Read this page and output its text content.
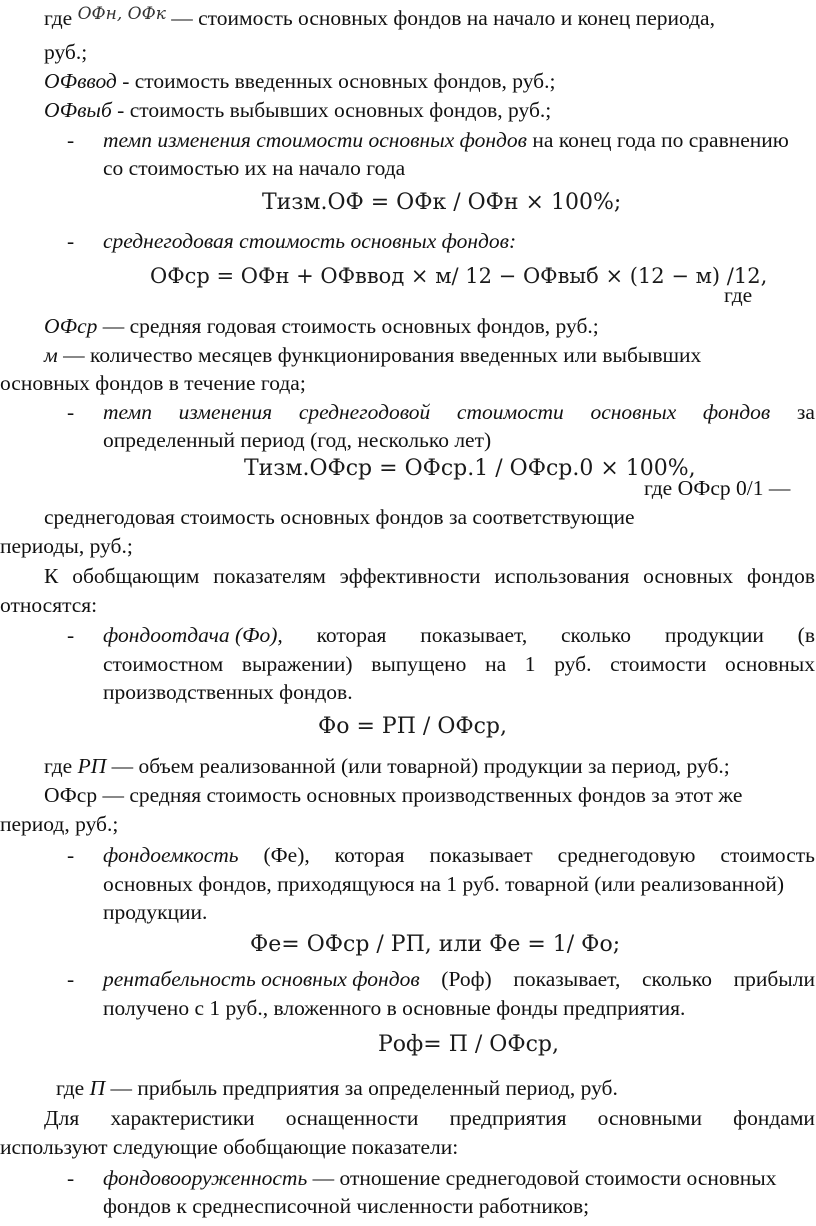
где $^{ОФн, ОФк}$ — стоимость основных фондов на начало и конец периода,
руб.;
ОФввод - стоимость введенных основных фондов, руб.;
ОФвыб - стоимость выбывших основных фондов, руб.;
- темп изменения стоимости основных фондов на конец года по сравнению
со стоимостью их на начало года
Tизм.ОФ = ОФк / ОФн × 100%;
- среднегодовая стоимость основных фондов:
ОФср = ОФн + ОФввод × м/ 12 − ОФвыб × (12 − м) /12,
где
ОФср — средняя годовая стоимость основных фондов, руб.;
м — количество месяцев функционирования введенных или выбывших
основных фондов в течение года;
- темп изменения среднегодовой стоимости основных фондов за
определенный период (год, несколько лет)
Tизм.ОФср = ОФср.1 / ОФср.0 × 100%,
где ОФср 0/1 —
среднегодовая стоимость основных фондов за соответствующие
периоды, руб.;
К обобщающим показателям эффективности использования основных фондов
относятся:
- фондоотдача (Фо), которая показывает, сколько продукции (в
стоимостном выражении) выпущено на 1 руб. стоимости основных
производственных фондов.
Фо = РП / ОФср,
где РП — объем реализованной (или товарной) продукции за период, руб.;
ОФср — средняя стоимость основных производственных фондов за этот же
период, руб.;
- фондоемкость (Фе), которая показывает среднегодовую стоимость
основных фондов, приходящуюся на 1 руб. товарной (или реализованной)
продукции.
Фе= ОФср / РП, или Фе = 1/ Фо;
- рентабельность основных фондов (Роф) показывает, сколько прибыли
получено с 1 руб., вложенного в основные фонды предприятия.
Роф= П / ОФср,
где П — прибыль предприятия за определенный период, руб.
Для характеристики оснащенности предприятия основными фондами
используют следующие обобщающие показатели:
- фондовооруженность — отношение среднегодовой стоимости основных
фондов к среднесписочной численности работников;
